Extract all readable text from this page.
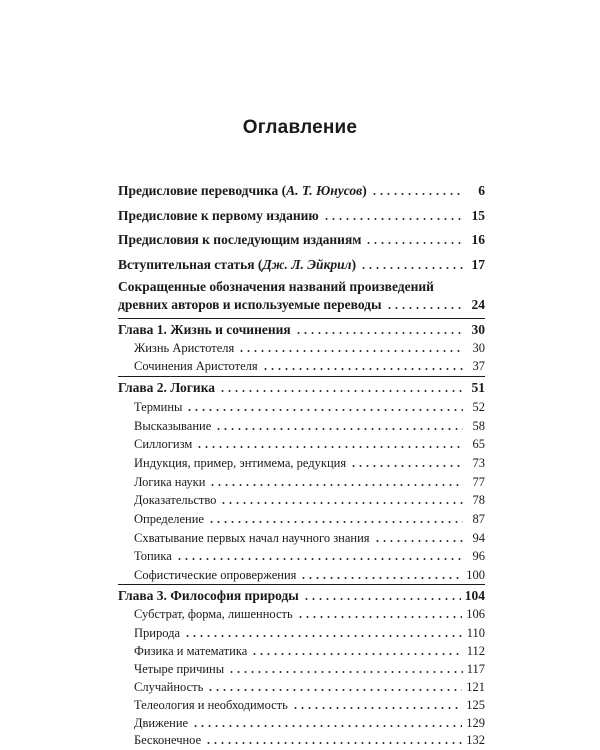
Оглавление
Предисловие переводчика (А. Т. Юнусов)	6
Предисловие к первому изданию	15
Предисловия к последующим изданиям	16
Вступительная статья (Дж. Л. Эйкрил)	17
Сокращенные обозначения названий произведений
древних авторов и используемые переводы	24
Глава 1. Жизнь и сочинения	30
Жизнь Аристотеля	30
Сочинения Аристотеля	37
Глава 2. Логика	51
Термины	52
Высказывание	58
Силлогизм	65
Индукция, пример, энтимема, редукция	73
Логика науки	77
Доказательство	78
Определение	87
Схватывание первых начал научного знания	94
Топика	96
Софистические опровержения	100
Глава 3. Философия природы	104
Субстрат, форма, лишенность	106
Природа	110
Физика и математика	112
Четыре причины	117
Случайность	121
Телеология и необходимость	125
Движение	129
Бесконечное	132
